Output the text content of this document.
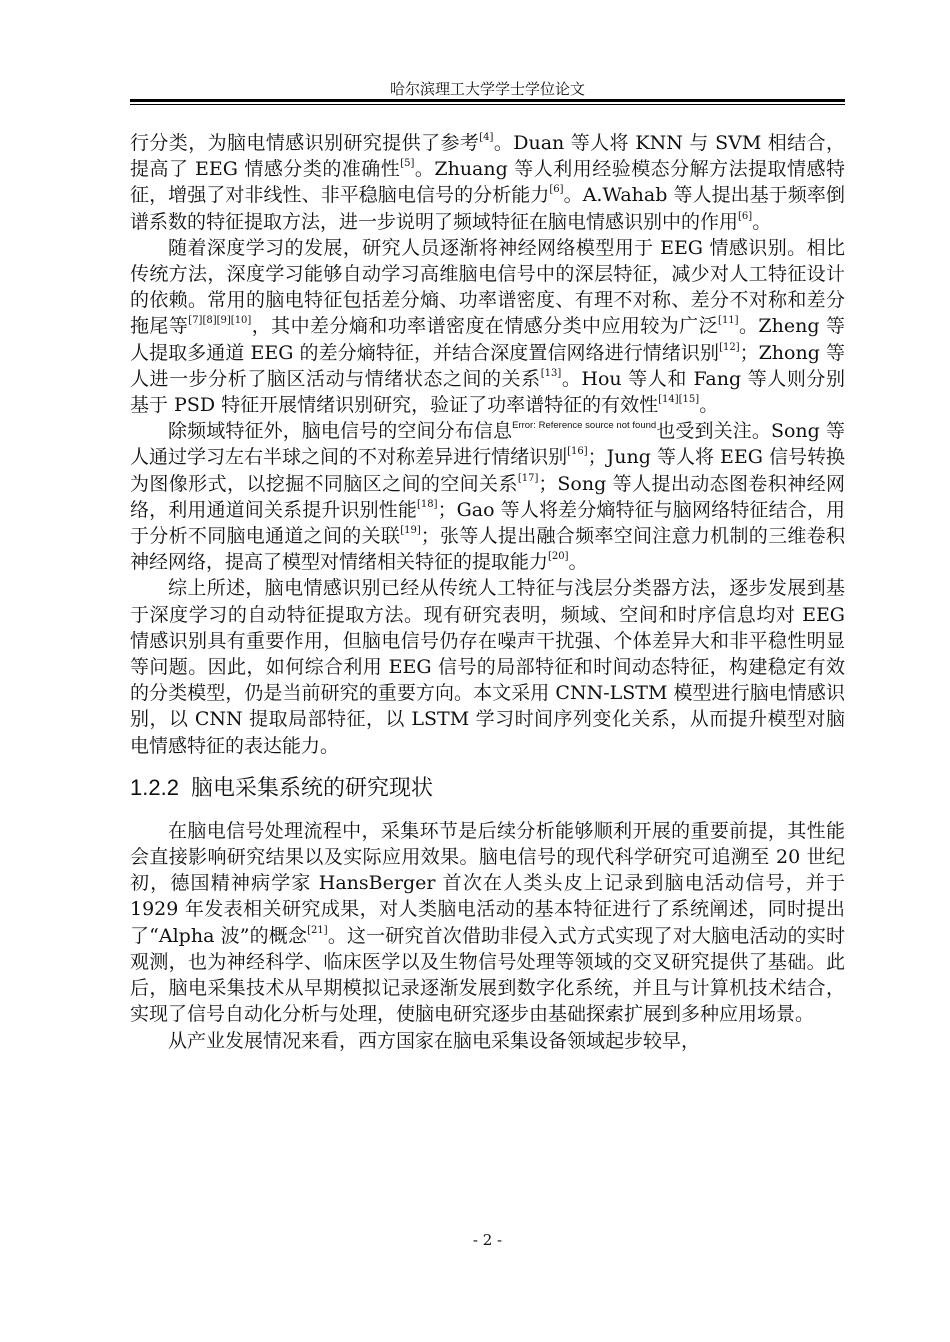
哈尔滨理工大学学士学位论文

行分类，为脑电情感识别研究提供了参考[4]。Duan 等人将 KNN 与 SVM 相结合，提高了 EEG 情感分类的准确性[5]。Zhuang 等人利用经验模态分解方法提取情感特征，增强了对非线性、非平稳脑电信号的分析能力[6]。A.Wahab 等人提出基于频率倒谱系数的特征提取方法，进一步说明了频域特征在脑电情感识别中的作用[6]。

随着深度学习的发展，研究人员逐渐将神经网络模型用于 EEG 情感识别。相比传统方法，深度学习能够自动学习高维脑电信号中的深层特征，减少对人工特征设计的依赖。常用的脑电特征包括差分熵、功率谱密度、有理不对称、差分不对称和差分拖尾等[7][8][9][10]，其中差分熵和功率谱密度在情感分类中应用较为广泛[11]。Zheng 等人提取多通道 EEG 的差分熵特征，并结合深度置信网络进行情绪识别[12]；Zhong 等人进一步分析了脑区活动与情绪状态之间的关系[13]。Hou 等人和 Fang 等人则分别基于 PSD 特征开展情绪识别研究，验证了功率谱特征的有效性[14][15]。

除频域特征外，脑电信号的空间分布信息$^{Error: Reference source not found}$也受到关注。Song 等人通过学习左右半球之间的不对称差异进行情绪识别[16]；Jung 等人将 EEG 信号转换为图像形式，以挖掘不同脑区之间的空间关系[17]；Song 等人提出动态图卷积神经网络，利用通道间关系提升识别性能[18]；Gao 等人将差分熵特征与脑网络特征结合，用于分析不同脑电通道之间的关联[19]；张等人提出融合频率空间注意力机制的三维卷积神经网络，提高了模型对情绪相关特征的提取能力[20]。

综上所述，脑电情感识别已经从传统人工特征与浅层分类器方法，逐步发展到基于深度学习的自动特征提取方法。现有研究表明，频域、空间和时序信息均对 EEG 情感识别具有重要作用，但脑电信号仍存在噪声干扰强、个体差异大和非平稳性明显等问题。因此，如何综合利用 EEG 信号的局部特征和时间动态特征，构建稳定有效的分类模型，仍是当前研究的重要方向。本文采用 CNN-LSTM 模型进行脑电情感识别，以 CNN 提取局部特征，以 LSTM 学习时间序列变化关系，从而提升模型对脑电情感特征的表达能力。

1.2.2 脑电采集系统的研究现状

在脑电信号处理流程中，采集环节是后续分析能够顺利开展的重要前提，其性能会直接影响研究结果以及实际应用效果。脑电信号的现代科学研究可追溯至 20 世纪初，德国精神病学家 HansBerger 首次在人类头皮上记录到脑电活动信号，并于 1929 年发表相关研究成果，对人类脑电活动的基本特征进行了系统阐述，同时提出了“Alpha 波”的概念[21]。这一研究首次借助非侵入式方式实现了对大脑电活动的实时观测，也为神经科学、临床医学以及生物信号处理等领域的交叉研究提供了基础。此后，脑电采集技术从早期模拟记录逐渐发展到数字化系统，并且与计算机技术结合，实现了信号自动化分析与处理，使脑电研究逐步由基础探索扩展到多种应用场景。

从产业发展情况来看，西方国家在脑电采集设备领域起步较早，

- 2 -
